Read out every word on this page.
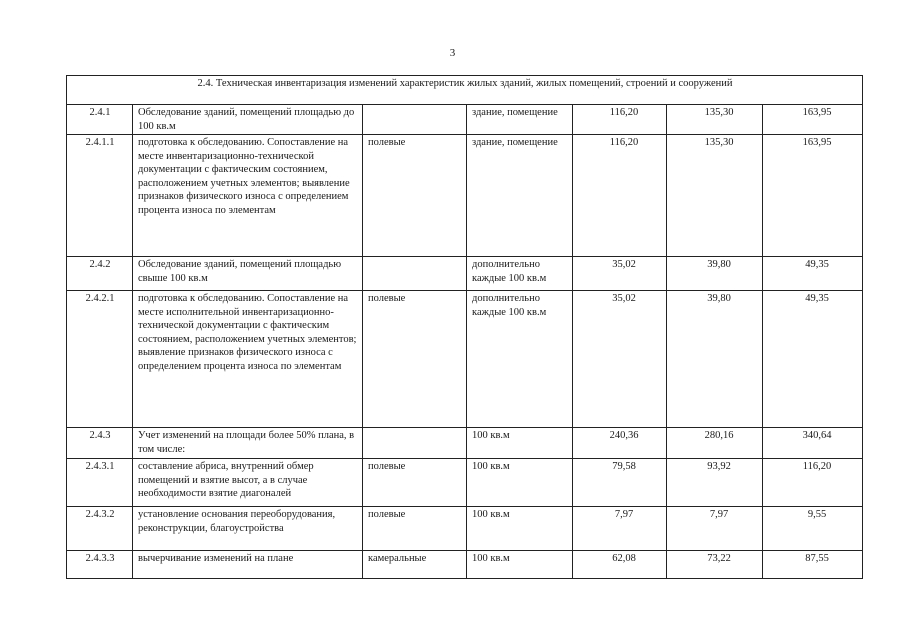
3
2.4. Техническая инвентаризация изменений характеристик жилых зданий, жилых помещений, строений и сооружений						
2.4.1	Обследование зданий, помещений площадью до 100 кв.м		здание, помещение	116,20	135,30	163,95

2.4.1.1	подготовка к обследованию. Сопоставление на месте инвентаризационно-технической документации с фактическим состоянием, расположением учетных элементов; выявление признаков физического износа с определением процента износа по элементам	полевые	здание, помещение	116,20	135,30	163,95

2.4.2	Обследование зданий, помещений площадью свыше 100 кв.м		дополнительно каждые 100 кв.м	35,02	39,80	49,35

2.4.2.1	подготовка к обследованию. Сопоставление на месте исполнительной инвентаризационно-технической документации с фактическим состоянием, расположением учетных элементов; выявление признаков физического износа с определением процента износа по элементам	полевые	дополнительно каждые 100 кв.м	35,02	39,80	49,35

2.4.3	Учет изменений на площади более 50% плана, в том числе:		100 кв.м	240,36	280,16	340,64

2.4.3.1	составление абриса, внутренний обмер помещений и взятие высот, а в случае необходимости взятие диагоналей	полевые	100 кв.м	79,58	93,92	116,20

2.4.3.2	установление основания переоборудования, реконструкции, благоустройства	полевые	100 кв.м	7,97	7,97	9,55

2.4.3.3	вычерчивание изменений на плане	камеральные	100 кв.м	62,08	73,22	87,55
